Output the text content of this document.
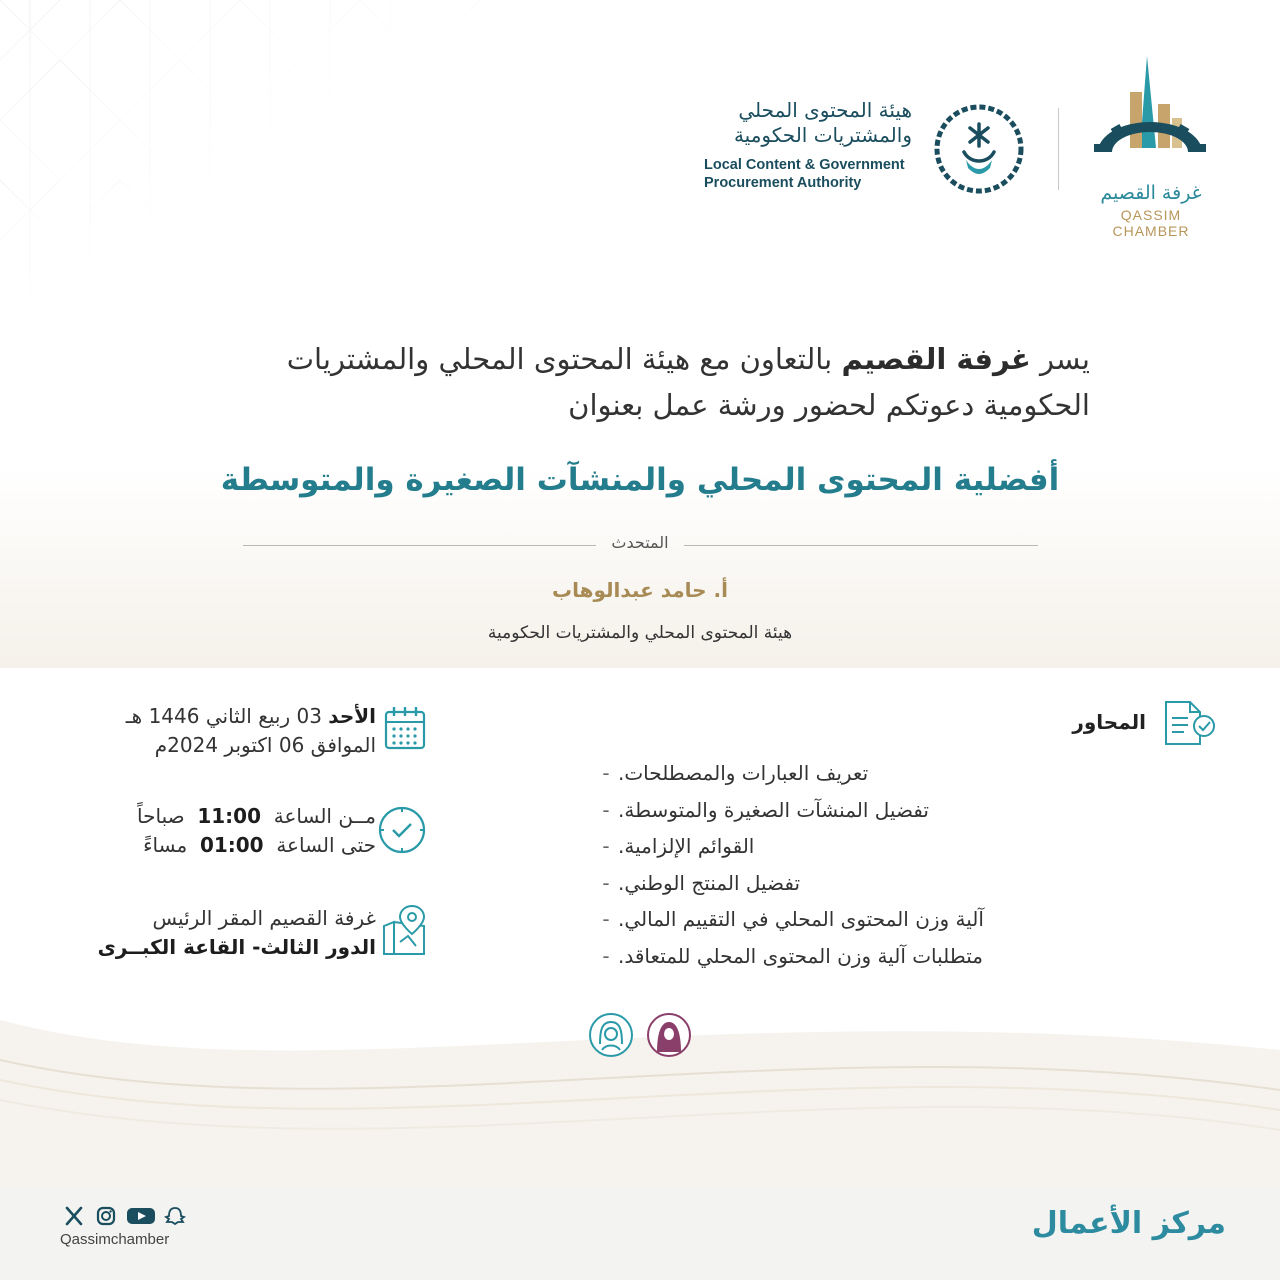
هيئة المحتوى المحلي
والمشتريات الحكومية
Local Content & Government
Procurement Authority	غرفة القصيم
QASSIM CHAMBER
يسر غرفة القصيم بالتعاون مع هيئة المحتوى المحلي والمشتريات
الحكومية دعوتكم لحضور ورشة عمل بعنوان
أفضلية المحتوى المحلي والمنشآت الصغيرة والمتوسطة
المتحدث
أ. حامد عبدالوهاب
هيئة المحتوى المحلي والمشتريات الحكومية
المحاور
- تعريف العبارات والمصطلحات.
- تفضيل المنشآت الصغيرة والمتوسطة.
- القوائم الإلزامية.
- تفضيل المنتج الوطني.
- آلية وزن المحتوى المحلي في التقييم المالي.
- متطلبات آلية وزن المحتوى المحلي للمتعاقد.
الأحد 03 ربيع الثاني 1446 هـ
الموافق 06 اكتوبر 2024م
مــن الساعة  11:00  صباحاً
حتى الساعة  01:00  مساءً
غرفة القصيم المقر الرئيس
الدور الثالث- القاعة الكبــرى
Qassimchamber	مركز الأعمال
